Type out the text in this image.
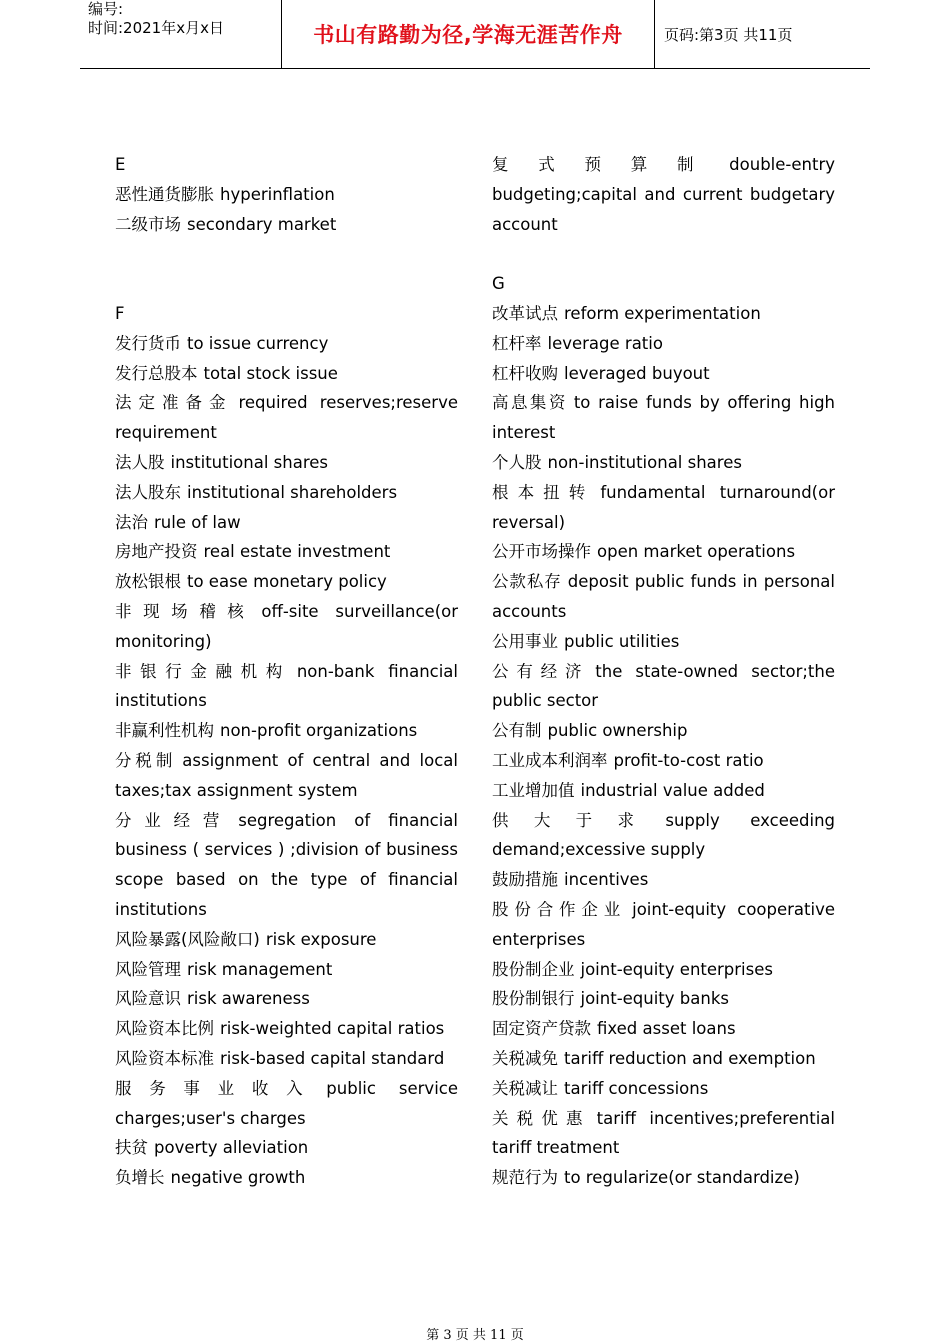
编号:
时间:2021年x月x日	书山有路勤为径,学海无涯苦作舟	页码:第3页 共11页
E
恶性通货膨胀 hyperinflation
二级市场 secondary market
F
发行货币 to issue currency
发行总股本 total stock issue
法定准备金 required reserves;reserve requirement
法人股 institutional shares
法人股东 institutional shareholders
法治 rule of law
房地产投资 real estate investment
放松银根 to ease monetary policy
非现场稽核 off-site surveillance(or monitoring)
非银行金融机构 non-bank financial institutions
非赢利性机构 non-profit organizations
分税制 assignment of central and local taxes;tax assignment system
分业经营 segregation of financial business ( services ) ;division of business scope based on the type of financial institutions
风险暴露(风险敞口) risk exposure
风险管理 risk management
风险意识 risk awareness
风险资本比例 risk-weighted capital ratios
风险资本标准 risk-based capital standard
服务事业收入 public service charges;user's charges
扶贫 poverty alleviation
负增长 negative growth
复式预算制 double-entry budgeting;capital and current budgetary account
G
改革试点 reform experimentation
杠杆率 leverage ratio
杠杆收购 leveraged buyout
高息集资 to raise funds by offering high interest
个人股 non-institutional shares
根本扭转 fundamental turnaround(or reversal)
公开市场操作 open market operations
公款私存 deposit public funds in personal accounts
公用事业 public utilities
公有经济 the state-owned sector;the public sector
公有制 public ownership
工业成本利润率 profit-to-cost ratio
工业增加值 industrial value added
供大于求 supply exceeding demand;excessive supply
鼓励措施 incentives
股份合作企业 joint-equity cooperative enterprises
股份制企业 joint-equity enterprises
股份制银行 joint-equity banks
固定资产贷款 fixed asset loans
关税减免 tariff reduction and exemption
关税减让 tariff concessions
关税优惠 tariff incentives;preferential tariff treatment
规范行为 to regularize(or standardize)
第 3 页 共 11 页
